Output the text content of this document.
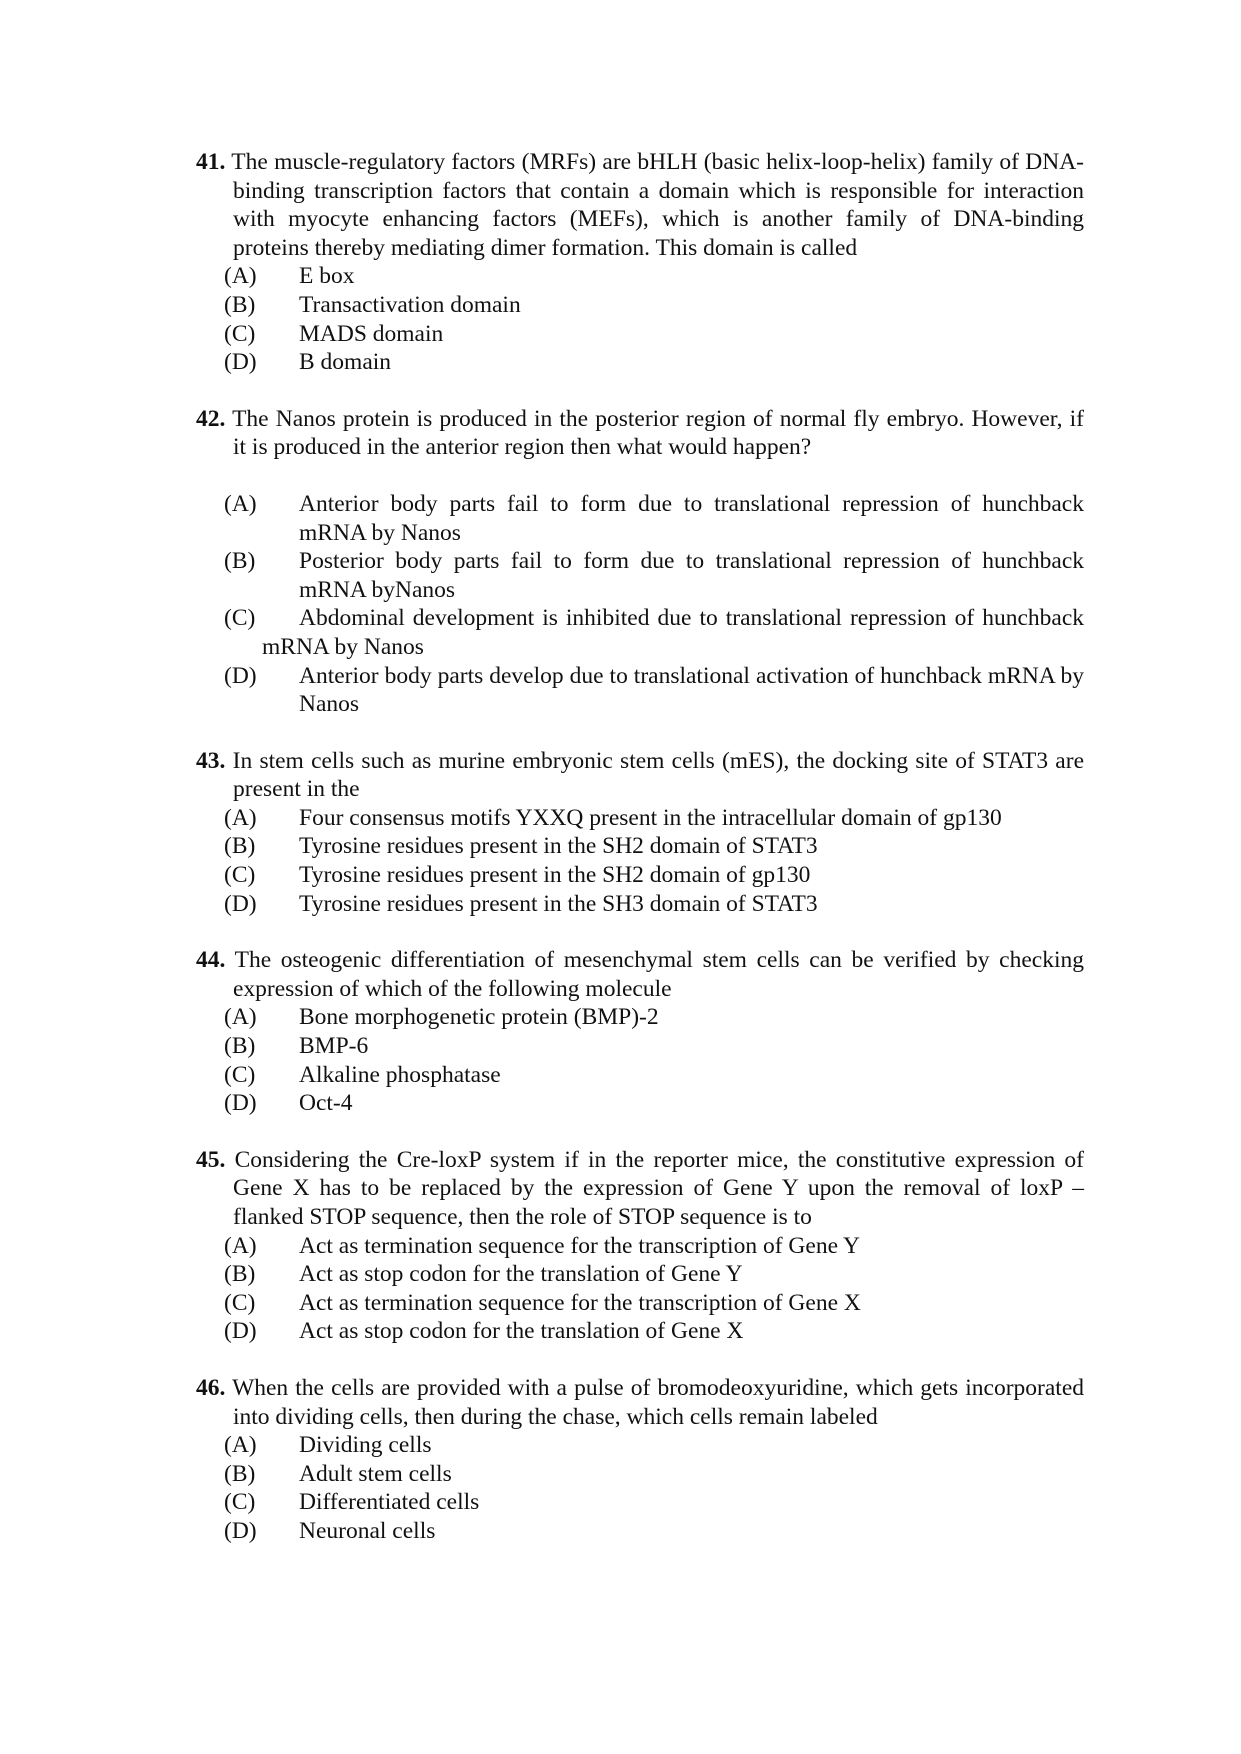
41. The muscle-regulatory factors (MRFs) are bHLH (basic helix-loop-helix) family of DNA-binding transcription factors that contain a domain which is responsible for interaction with myocyte enhancing factors (MEFs), which is another family of DNA-binding proteins thereby mediating dimer formation. This domain is called
(A) E box
(B) Transactivation domain
(C) MADS domain
(D) B domain
42. The Nanos protein is produced in the posterior region of normal fly embryo. However, if it is produced in the anterior region then what would happen?
(A) Anterior body parts fail to form due to translational repression of hunchback mRNA by Nanos
(B) Posterior body parts fail to form due to translational repression of hunchback mRNA byNanos
(C) Abdominal development is inhibited due to translational repression of hunchback mRNA by Nanos
(D) Anterior body parts develop due to translational activation of hunchback mRNA by Nanos
43. In stem cells such as murine embryonic stem cells (mES), the docking site of STAT3 are present in the
(A) Four consensus motifs YXXQ present in the intracellular domain of gp130
(B) Tyrosine residues present in the SH2 domain of STAT3
(C) Tyrosine residues present in the SH2 domain of gp130
(D) Tyrosine residues present in the SH3 domain of STAT3
44. The osteogenic differentiation of mesenchymal stem cells can be verified by checking expression of which of the following molecule
(A) Bone morphogenetic protein (BMP)-2
(B) BMP-6
(C) Alkaline phosphatase
(D) Oct-4
45. Considering the Cre-loxP system if in the reporter mice, the constitutive expression of Gene X has to be replaced by the expression of Gene Y upon the removal of loxP – flanked STOP sequence, then the role of STOP sequence is to
(A) Act as termination sequence for the transcription of Gene Y
(B) Act as stop codon for the translation of Gene Y
(C) Act as termination sequence for the transcription of Gene X
(D) Act as stop codon for the translation of Gene X
46. When the cells are provided with a pulse of bromodeoxyuridine, which gets incorporated into dividing cells, then during the chase, which cells remain labeled
(A) Dividing cells
(B) Adult stem cells
(C) Differentiated cells
(D) Neuronal cells
